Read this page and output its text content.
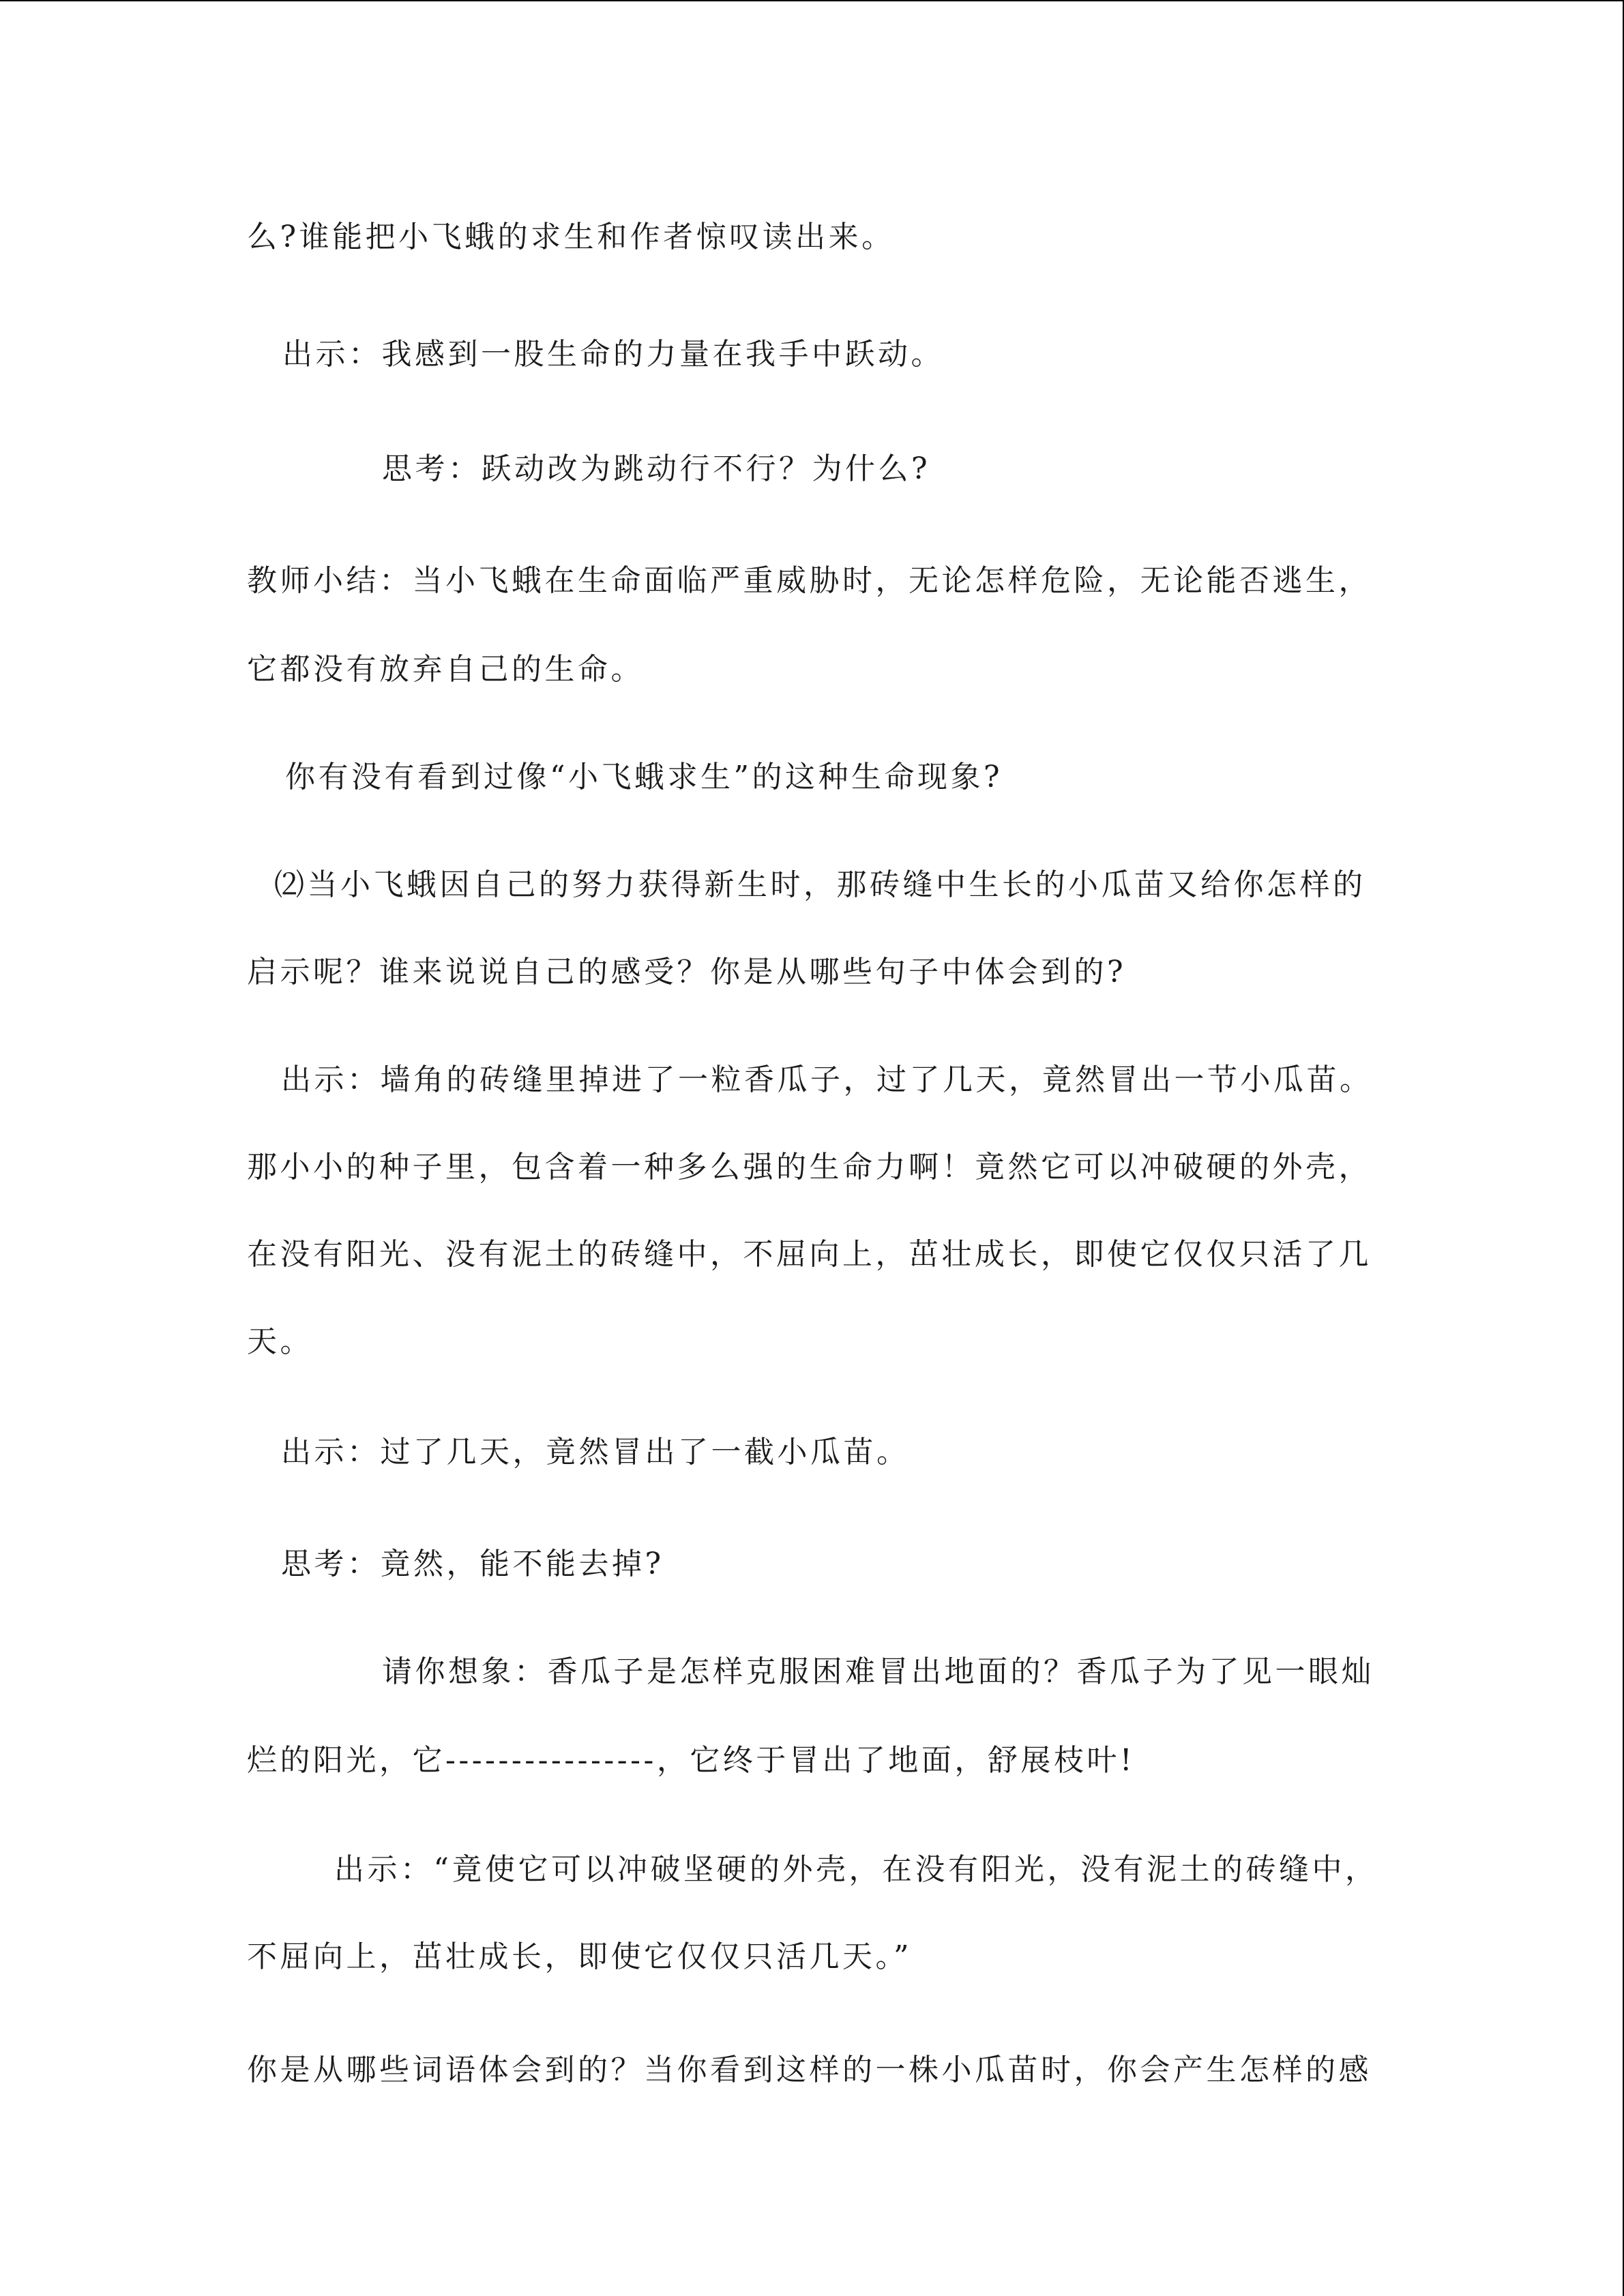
么?谁能把小飞蛾的求生和作者惊叹读出来。
出示：我感到一股生命的力量在我手中跃动。
思考：跃动改为跳动行不行？为什么?
教师小结：当小飞蛾在生命面临严重威胁时，无论怎样危险，无论能否逃生，
它都没有放弃自己的生命。
你有没有看到过像“小飞蛾求生”的这种生命现象?
⑵当小飞蛾因自己的努力获得新生时，那砖缝中生长的小瓜苗又给你怎样的
启示呢？谁来说说自己的感受？你是从哪些句子中体会到的?
出示：墙角的砖缝里掉进了一粒香瓜子，过了几天，竟然冒出一节小瓜苗。
那小小的种子里，包含着一种多么强的生命力啊！竟然它可以冲破硬的外壳，
在没有阳光、没有泥土的砖缝中，不屈向上，茁壮成长，即使它仅仅只活了几
天。
出示：过了几天，竟然冒出了一截小瓜苗。
思考：竟然，能不能去掉?
请你想象：香瓜子是怎样克服困难冒出地面的？香瓜子为了见一眼灿
烂的阳光，它----------------，它终于冒出了地面，舒展枝叶!
出示：“竟使它可以冲破坚硬的外壳，在没有阳光，没有泥土的砖缝中，
不屈向上，茁壮成长，即使它仅仅只活几天。”
你是从哪些词语体会到的？当你看到这样的一株小瓜苗时，你会产生怎样的感
